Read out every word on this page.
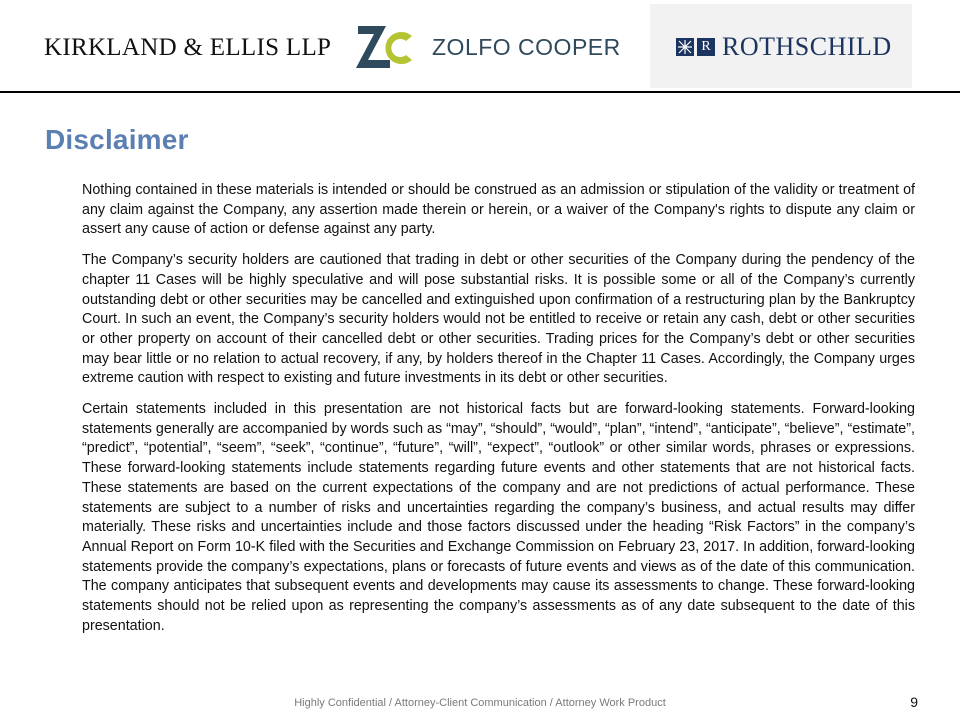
KIRKLAND & ELLIS LLP	ZOLFO COOPER	R ROTHSCHILD
Disclaimer

Nothing contained in these materials is intended or should be construed as an admission or stipulation of the validity or treatment of any claim against the Company, any assertion made therein or herein, or a waiver of the Company's rights to dispute any claim or assert any cause of action or defense against any party.

The Company’s security holders are cautioned that trading in debt or other securities of the Company during the pendency of the chapter 11 Cases will be highly speculative and will pose substantial risks. It is possible some or all of the Company’s currently outstanding debt or other securities may be cancelled and extinguished upon confirmation of a restructuring plan by the Bankruptcy Court. In such an event, the Company’s security holders would not be entitled to receive or retain any cash, debt or other securities or other property on account of their cancelled debt or other securities. Trading prices for the Company’s debt or other securities may bear little or no relation to actual recovery, if any, by holders thereof in the Chapter 11 Cases. Accordingly, the Company urges extreme caution with respect to existing and future investments in its debt or other securities.

Certain statements included in this presentation are not historical facts but are forward-looking statements. Forward-looking statements generally are accompanied by words such as “may”, “should”, “would”, “plan”, “intend”, “anticipate”, “believe”, “estimate”, “predict”, “potential”, “seem”, “seek”, “continue”, “future”, “will”, “expect”, “outlook” or other similar words, phrases or expressions. These forward-looking statements include statements regarding future events and other statements that are not historical facts. These statements are based on the current expectations of the company and are not predictions of actual performance. These statements are subject to a number of risks and uncertainties regarding the company’s business, and actual results may differ materially. These risks and uncertainties include and those factors discussed under the heading “Risk Factors” in the company’s Annual Report on Form 10-K filed with the Securities and Exchange Commission on February 23, 2017. In addition, forward-looking statements provide the company’s expectations, plans or forecasts of future events and views as of the date of this communication. The company anticipates that subsequent events and developments may cause its assessments to change. These forward-looking statements should not be relied upon as representing the company’s assessments as of any date subsequent to the date of this presentation.

Highly Confidential / Attorney-Client Communication / Attorney Work Product	9
